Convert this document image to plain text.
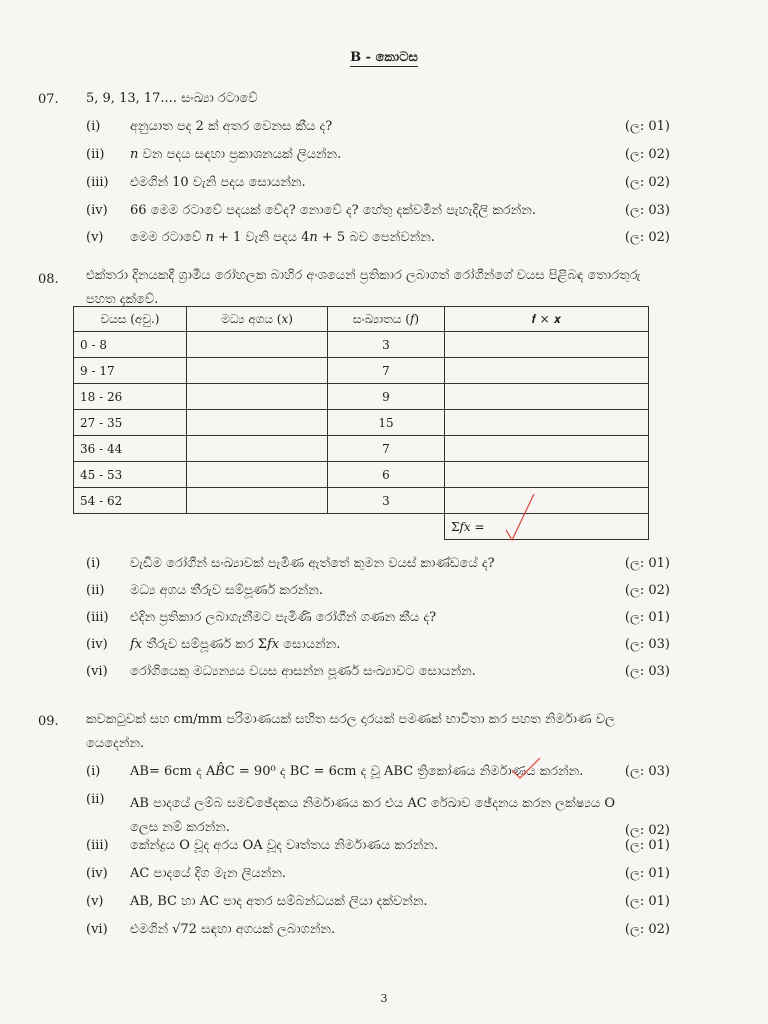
B - කොටස
07. 5, 9, 13, 17.... සංඛ්‍යා රටාවේ
(i) අනුයාත පද 2 ක් අතර වෙනස කීය ද?	(ල: 01)
(ii) 𝑛 වන පදය සඳහා ප්‍රකාශනයක් ලියන්න.	(ල: 02)
(iii) එමගින් 10 වැනි පදය සොයන්න.	(ල: 02)
(iv) 66 මෙම රටාවේ පදයක් වේද? නොවේ ද? හේතු දක්වමින් පැහැදිලි කරන්න.	(ල: 03)
(v) මෙම රටාවේ 𝑛 + 1 වැනි පදය 4𝑛 + 5 බව පෙන්වන්න.	(ල: 02)
08. එක්තරා දිනයකදී ග්‍රාමීය රෝහලක බාහිර අංශයෙන් ප්‍රතිකාර ලබාගත් රෝගීන්ගේ වයස පිළිබඳ තොරතුරු පහත දක්වේ.
වයස (අවු.)	මධ්‍ය අගය (𝑥)	සංඛ්‍යාතය (𝑓)	𝒇 × 𝒙
0 - 8		3	
9 - 17		7	
18 - 26		9	
27 - 35		15	
36 - 44		7	
45 - 53		6	
54 - 62		3	
			Σ𝑓𝑥 =
(i) වැඩිම රෝගීන් සංඛ්‍යාවක් පැමිණ ඇත්තේ කුමන වයස් කාණ්ඩයේ ද?	(ල: 01)
(ii) මධ්‍ය අගය තීරුව සම්පූර්ණ කරන්න.	(ල: 02)
(iii) එදින ප්‍රතිකාර ලබාගැනීමට පැමිණි රෝගීන් ගණන කීය ද?	(ල: 01)
(iv) 𝑓𝑥 තීරුව සම්පූර්ණ කර Σ𝑓𝑥 සොයන්න.	(ල: 03)
(vi) රෝගියෙකු මධ්‍යන්‍යය වයස ආසන්න පූර්ණ සංඛ්‍යාවට සොයන්න.	(ල: 03)
09. කවකටුවක් සහ cm/mm පරිමාණයක් සහිත සරල දාරයක් පමණක් භාවිතා කර පහත නිර්මාණ වල යෙදෙන්න.
(i) AB= 6cm ද A𝐵̂C = 90⁰ ද BC = 6cm ද වූ ABC ත්‍රිකෝණය නිර්මාණය කරන්න.	(ල: 03)
(ii) AB පාදයේ ලම්බ සමච්ඡේදකය නිර්මාණය කර එය AC රේඛාව ඡේදනය කරන ලක්ෂ්‍යය O ලෙස නම් කරන්න.	(ල: 02)
(iii) කේන්ද්‍රය O වූද අරය OA වූද වෘත්තය නිර්මාණය කරන්න.	(ල: 01)
(iv) AC පාදයේ දිග මැන ලියන්න.	(ල: 01)
(v) AB, BC හා AC පාද අතර සම්බන්ධයක් ලියා දක්වන්න.	(ල: 01)
(vi) එමගින් √72 සඳහා අගයක් ලබාගන්න.	(ල: 02)
3
